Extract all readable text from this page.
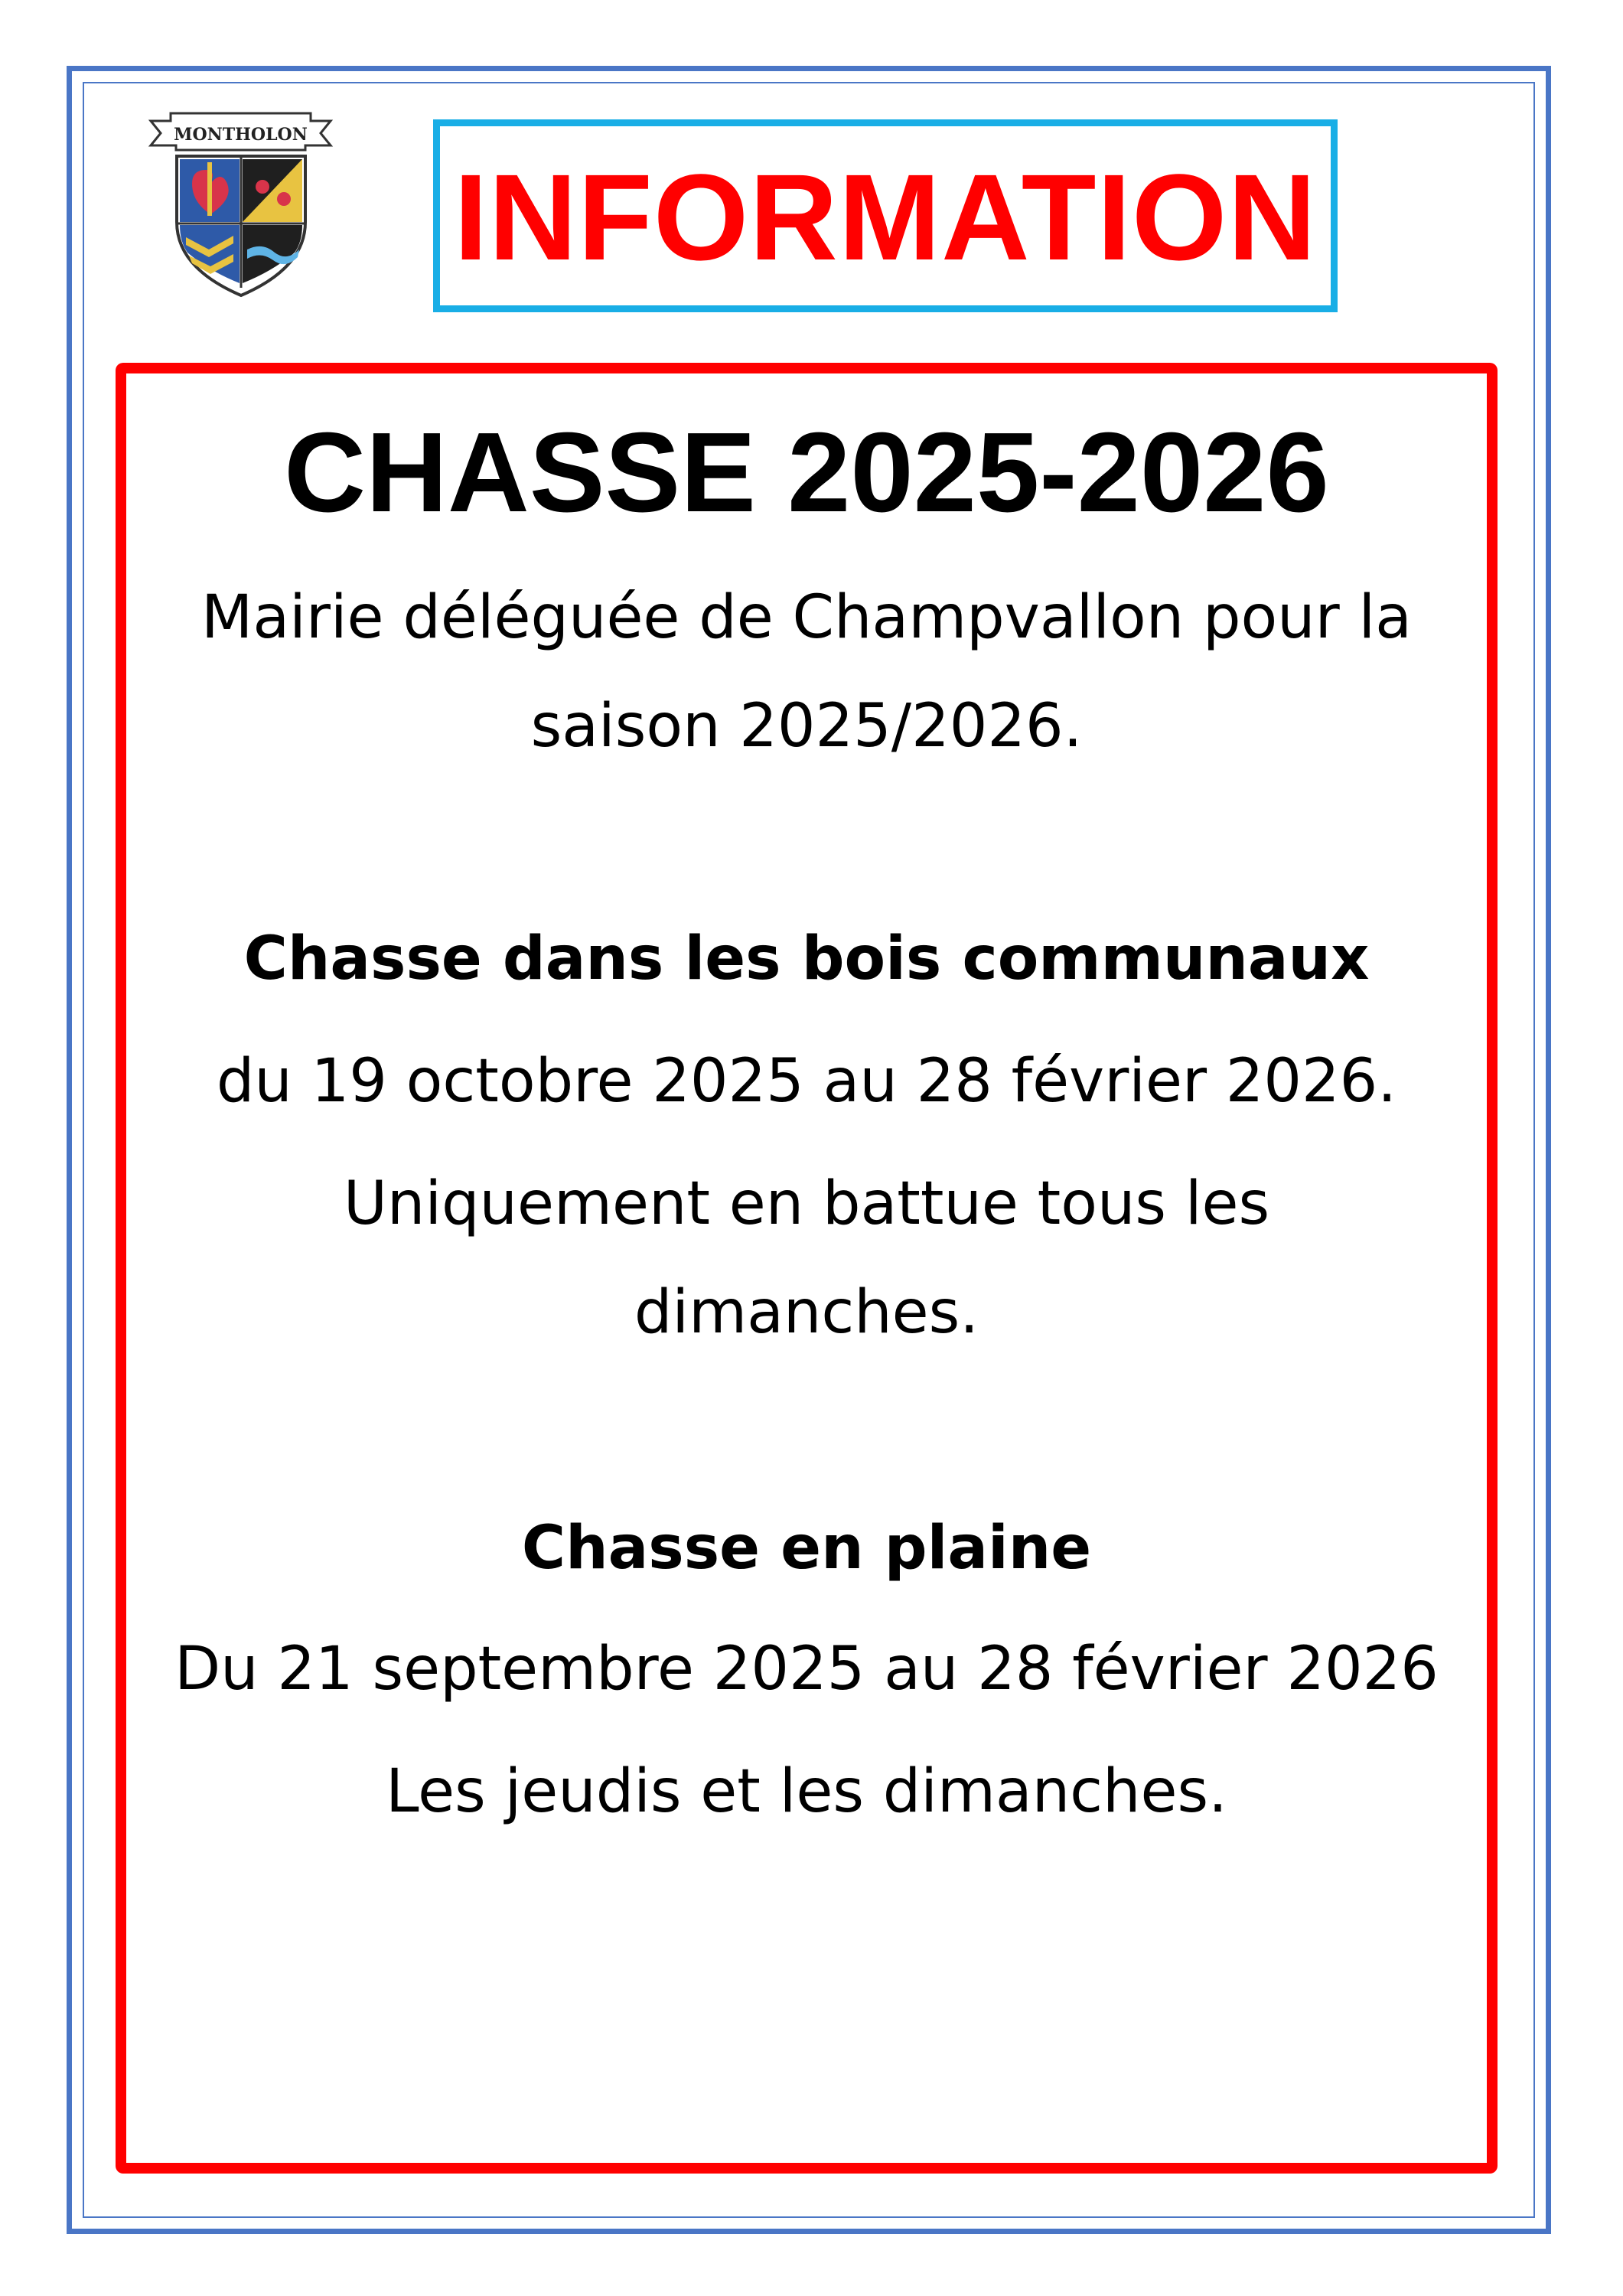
MONTHOLON
INFORMATION
CHASSE 2025-2026
Mairie déléguée de Champvallon pour la
saison 2025/2026.
Chasse dans les bois communaux
du 19 octobre 2025 au 28 février 2026.
Uniquement en battue tous les
dimanches.
Chasse en plaine
Du 21 septembre 2025 au 28 février 2026
Les jeudis et les dimanches.
